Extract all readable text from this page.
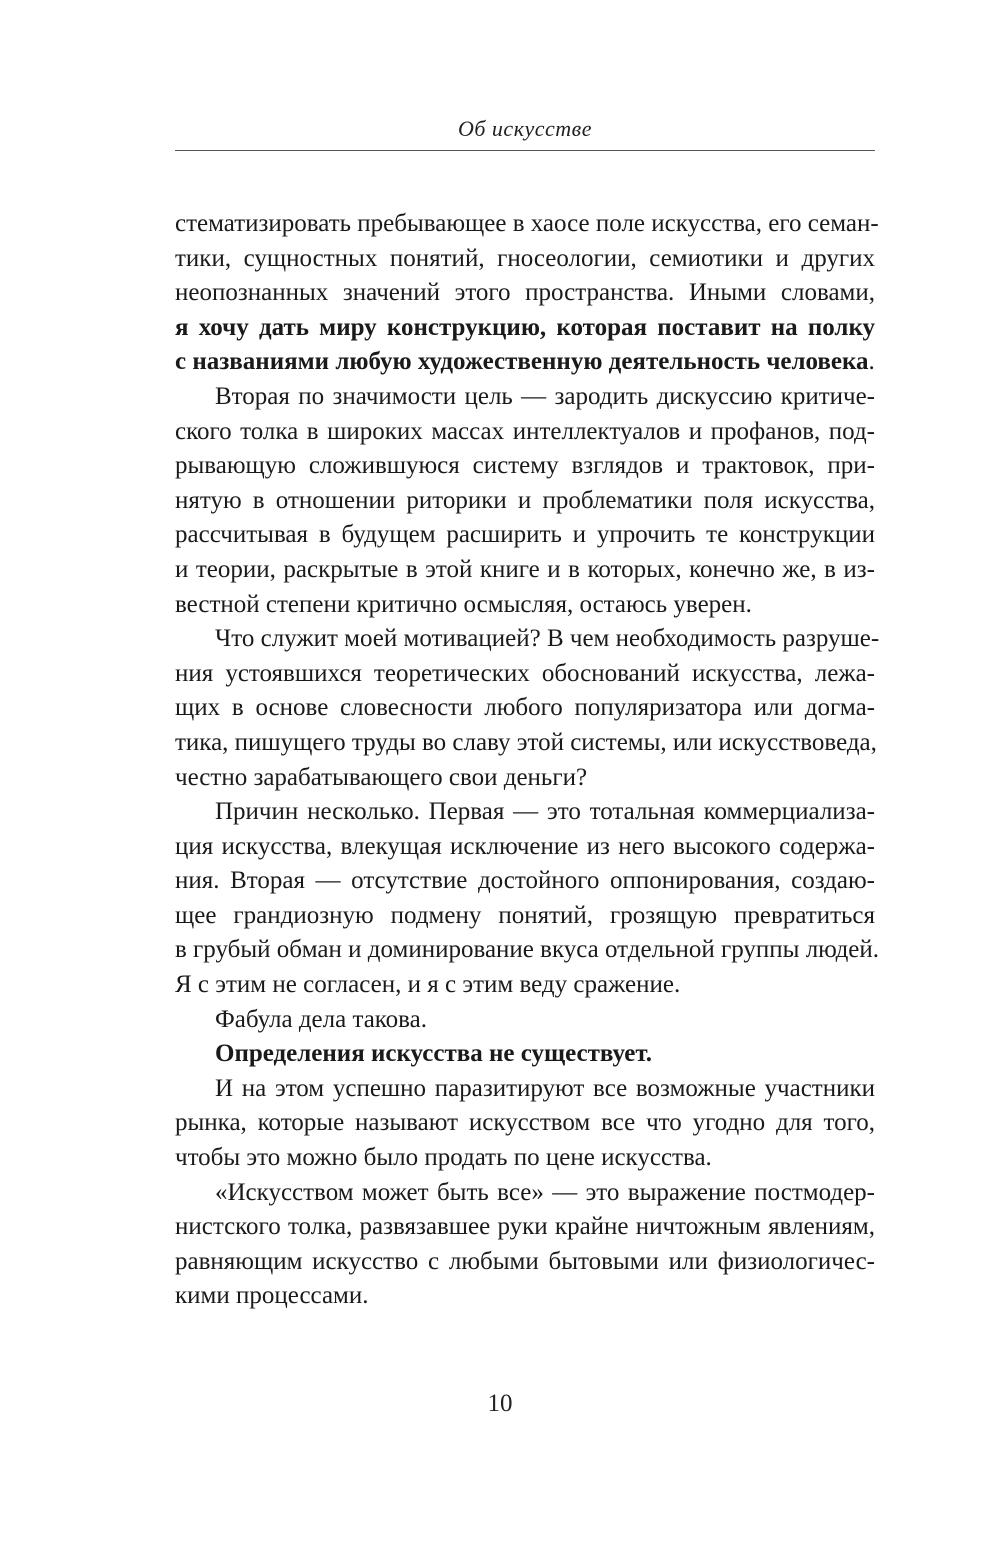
Об искусстве
стематизировать пребывающее в хаосе поле искусства, его семан-
тики, сущностных понятий, гносеологии, семиотики и других
неопознанных значений этого пространства. Иными словами,
я хочу дать миру конструкцию, которая поставит на полку
с названиями любую художественную деятельность человека.
Вторая по значимости цель — зародить дискуссию критиче-
ского толка в широких массах интеллектуалов и профанов, под-
рывающую сложившуюся систему взглядов и трактовок, при-
нятую в отношении риторики и проблематики поля искусства,
рассчитывая в будущем расширить и упрочить те конструкции
и теории, раскрытые в этой книге и в которых, конечно же, в из-
вестной степени критично осмысляя, остаюсь уверен.
Что служит моей мотивацией? В чем необходимость разруше-
ния устоявшихся теоретических обоснований искусства, лежа-
щих в основе словесности любого популяризатора или догма-
тика, пишущего труды во славу этой системы, или искусствоведа,
честно зарабатывающего свои деньги?
Причин несколько. Первая — это тотальная коммерциализа-
ция искусства, влекущая исключение из него высокого содержа-
ния. Вторая — отсутствие достойного оппонирования, создаю-
щее грандиозную подмену понятий, грозящую превратиться
в грубый обман и доминирование вкуса отдельной группы людей.
Я с этим не согласен, и я с этим веду сражение.
Фабула дела такова.
Определения искусства не существует.
И на этом успешно паразитируют все возможные участники
рынка, которые называют искусством все что угодно для того,
чтобы это можно было продать по цене искусства.
«Искусством может быть все» — это выражение постмодер-
нистского толка, развязавшее руки крайне ничтожным явлениям,
равняющим искусство с любыми бытовыми или физиологичес-
кими процессами.
10
